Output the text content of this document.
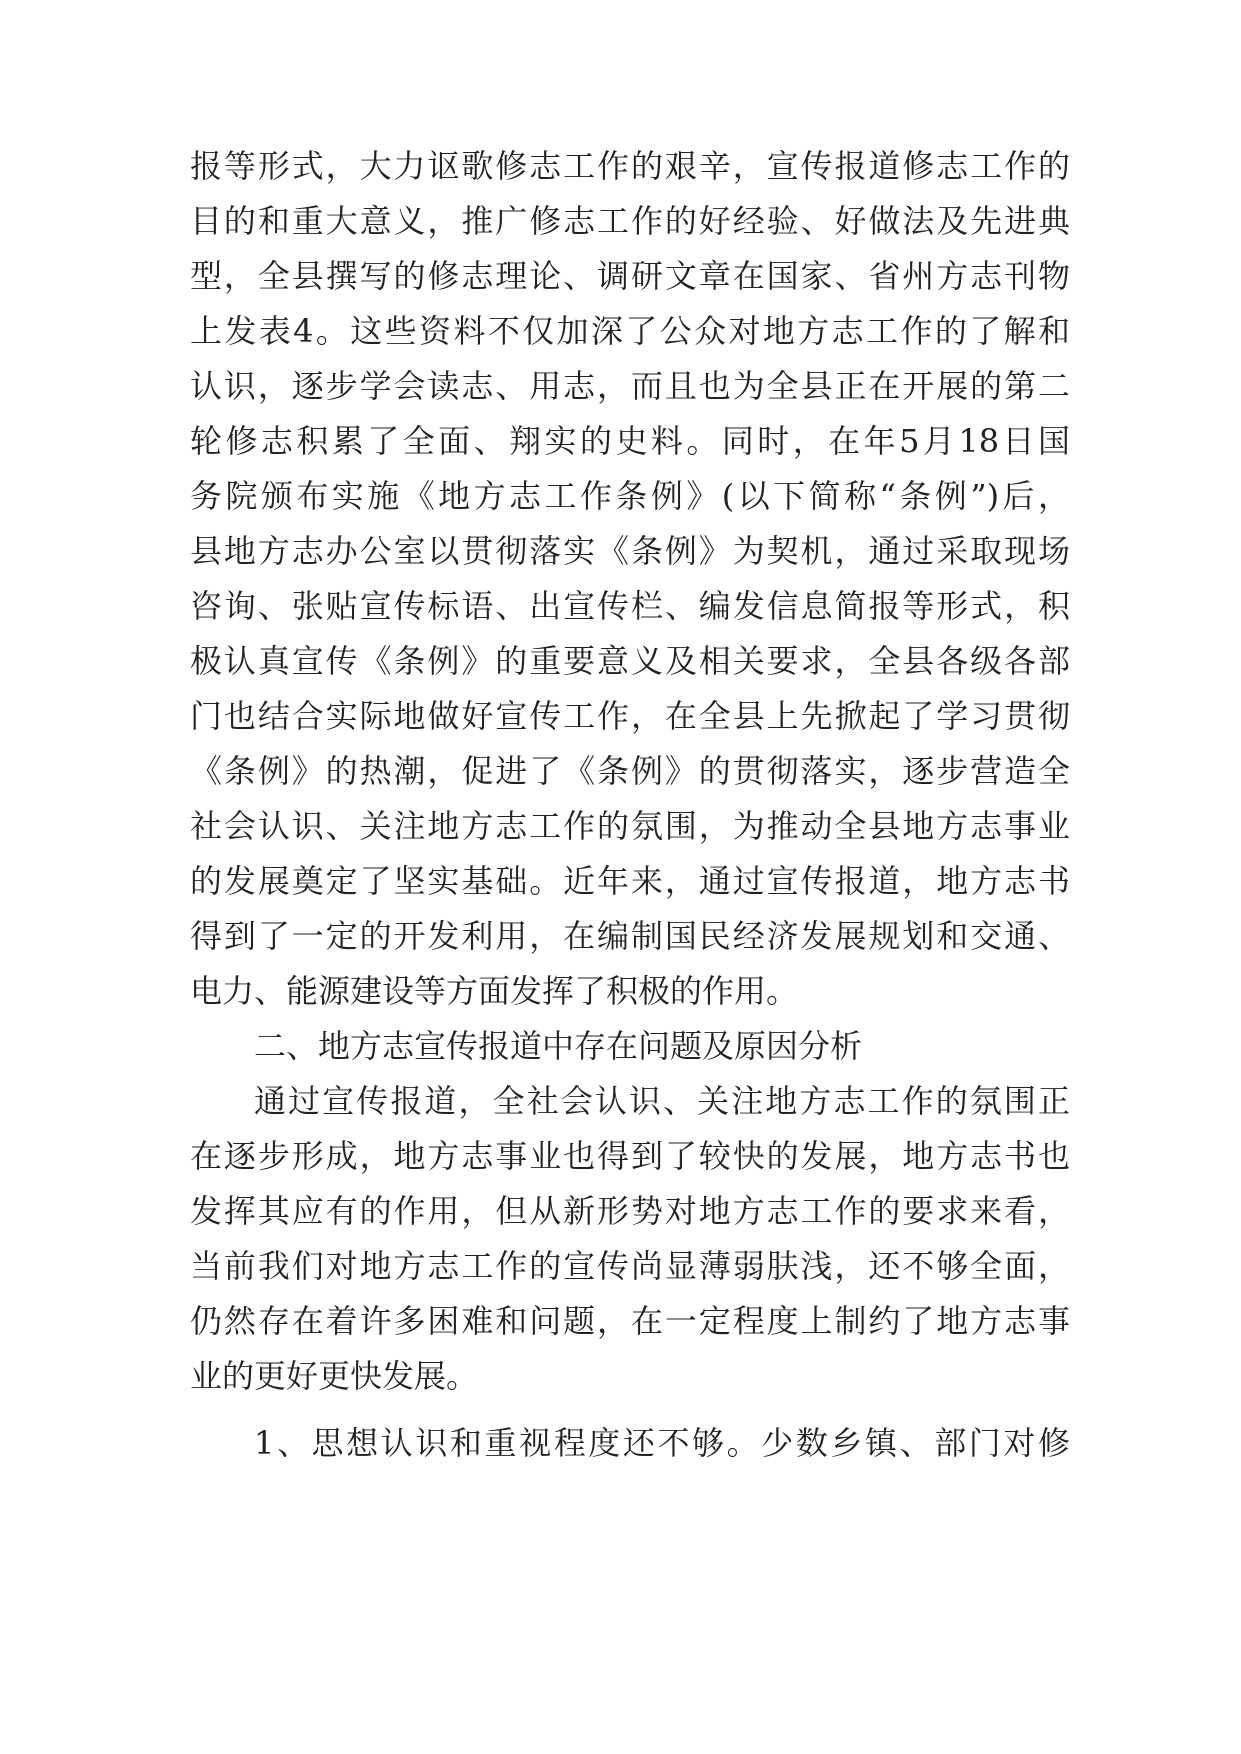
报等形式，大力讴歌修志工作的艰辛，宣传报道修志工作的
目的和重大意义，推广修志工作的好经验、好做法及先进典
型，全县撰写的修志理论、调研文章在国家、省州方志刊物
上发表4。这些资料不仅加深了公众对地方志工作的了解和
认识，逐步学会读志、用志，而且也为全县正在开展的第二
轮修志积累了全面、翔实的史料。同时，在年5月18日国
务院颁布实施《地方志工作条例》(以下简称“条例”)后，
县地方志办公室以贯彻落实《条例》为契机，通过采取现场
咨询、张贴宣传标语、出宣传栏、编发信息简报等形式，积
极认真宣传《条例》的重要意义及相关要求，全县各级各部
门也结合实际地做好宣传工作，在全县上先掀起了学习贯彻
《条例》的热潮，促进了《条例》的贯彻落实，逐步营造全
社会认识、关注地方志工作的氛围，为推动全县地方志事业
的发展奠定了坚实基础。近年来，通过宣传报道，地方志书
得到了一定的开发利用，在编制国民经济发展规划和交通、
电力、能源建设等方面发挥了积极的作用。
二、地方志宣传报道中存在问题及原因分析
通过宣传报道，全社会认识、关注地方志工作的氛围正
在逐步形成，地方志事业也得到了较快的发展，地方志书也
发挥其应有的作用，但从新形势对地方志工作的要求来看，
当前我们对地方志工作的宣传尚显薄弱肤浅，还不够全面，
仍然存在着许多困难和问题，在一定程度上制约了地方志事
业的更好更快发展。
1、思想认识和重视程度还不够。少数乡镇、部门对修
